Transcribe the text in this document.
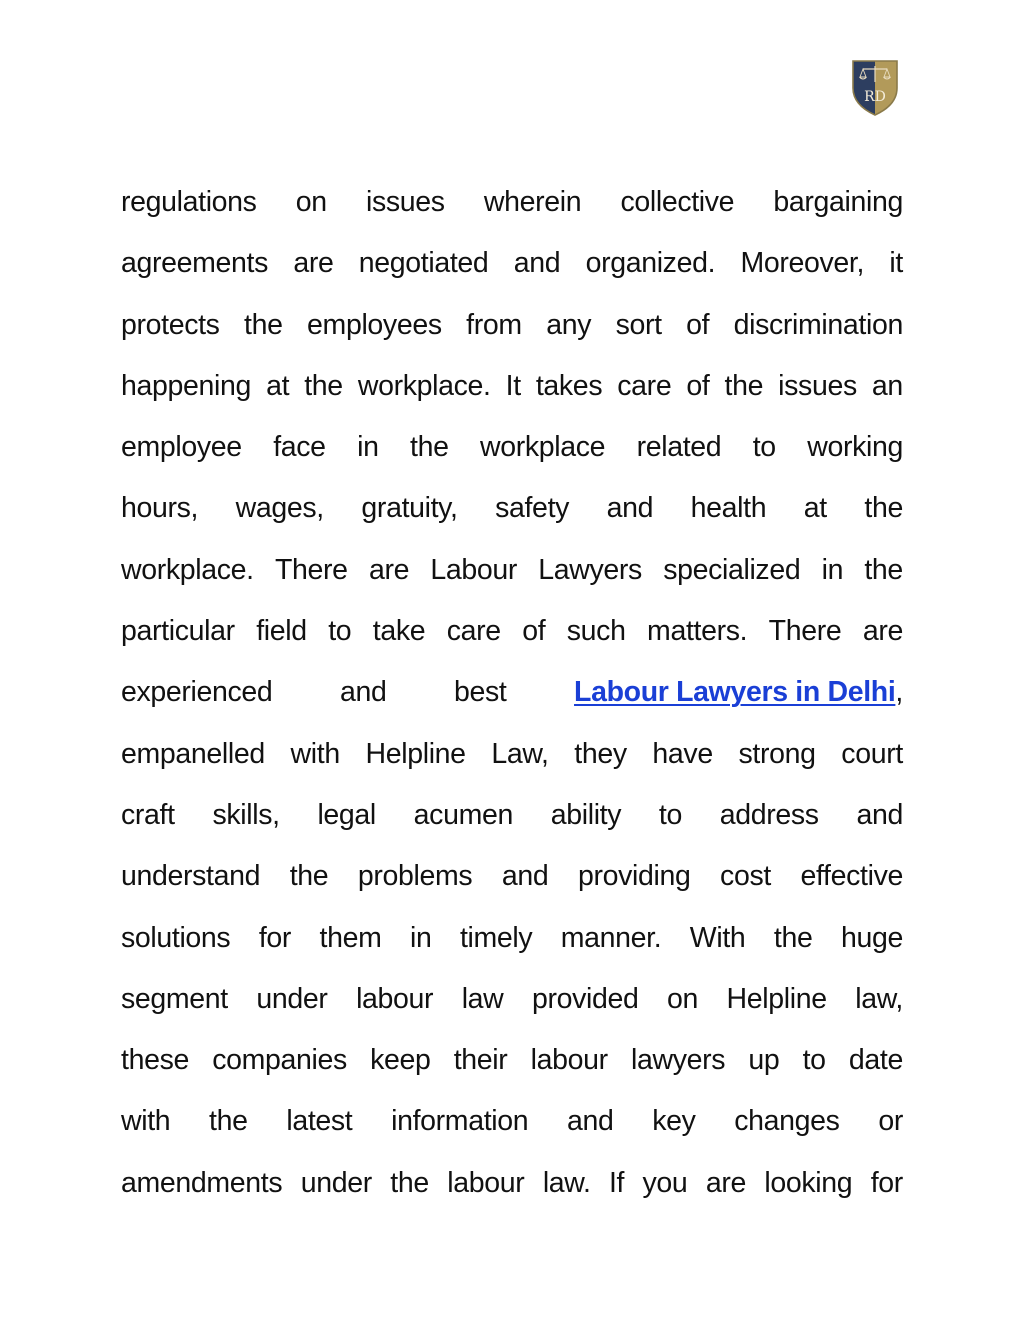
RD
regulations on issues wherein collective bargaining
agreements are negotiated and organized. Moreover, it
protects the employees from any sort of discrimination
happening at the workplace. It takes care of the issues an
employee face in the workplace related to working
hours, wages, gratuity, safety and health at the
workplace. There are Labour Lawyers specialized in the
particular field to take care of such matters. There are
experienced and best Labour Lawyers in Delhi ,
empanelled with Helpline Law, they have strong court
craft skills, legal acumen ability to address and
understand the problems and providing cost effective
solutions for them in timely manner. With the huge
segment under labour law provided on Helpline law,
these companies keep their labour lawyers up to date
with the latest information and key changes or
amendments under the labour law. If you are looking for
